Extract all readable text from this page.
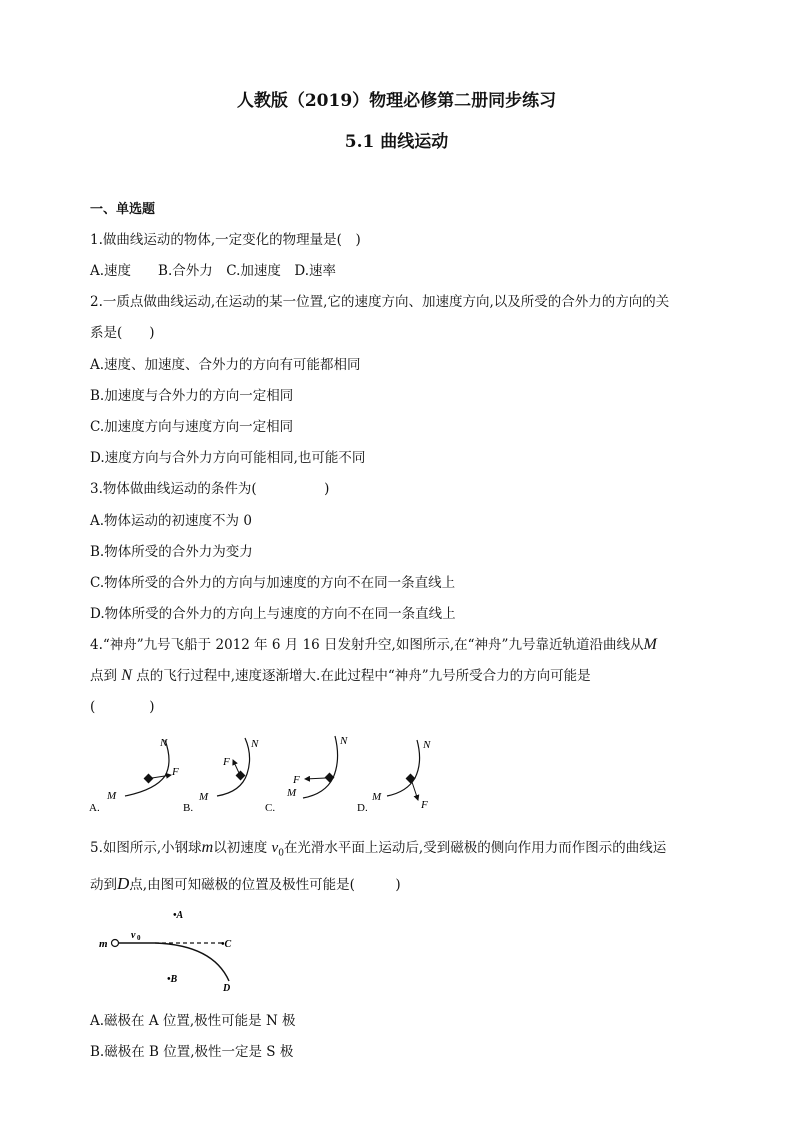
人教版（2019）物理必修第二册同步练习
5.1 曲线运动
一、单选题
1.做曲线运动的物体,一定变化的物理量是(　)
A.速度　　B.合外力　C.加速度　D.速率
2.一质点做曲线运动,在运动的某一位置,它的速度方向、加速度方向,以及所受的合外力的方向的关
系是(　　)
A.速度、加速度、合外力的方向有可能都相同
B.加速度与合外力的方向一定相同
C.加速度方向与速度方向一定相同
D.速度方向与合外力方向可能相同,也可能不同
3.物体做曲线运动的条件为(　　　　　)
A.物体运动的初速度不为 0
B.物体所受的合外力为变力
C.物体所受的合外力的方向与加速度的方向不在同一条直线上
D.物体所受的合外力的方向上与速度的方向不在同一条直线上
4.“神舟”九号飞船于 2012 年 6 月 16 日发射升空,如图所示,在“神舟”九号靠近轨道沿曲线从M
点到 N 点的飞行过程中,速度逐渐增大.在此过程中“神舟”九号所受合力的方向可能是
(　　　　)
A.
M
N
F
B.
M
N
F
C.
M
N
F
D.
M
N
F
5.如图所示,小钢球m以初速度 $v_0$在光滑水平面上运动后,受到磁极的侧向作用力而作图示的曲线运
动到D点,由图可知磁极的位置及极性可能是(　　　)
m
v 0
•A
•C
•B
D
A.磁极在 A 位置,极性可能是 N 极
B.磁极在 B 位置,极性一定是 S 极
